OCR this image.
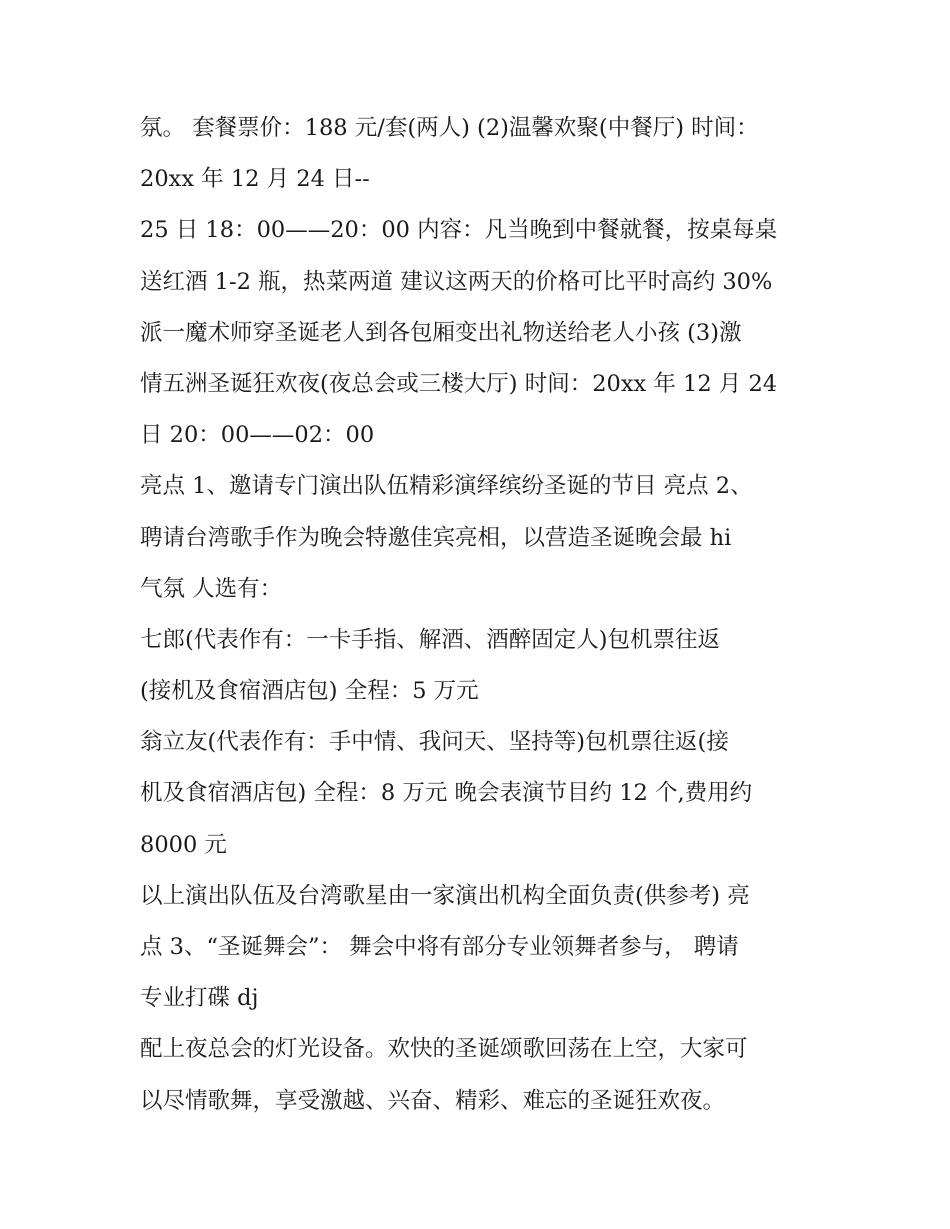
氛。 套餐票价：188 元/套(两人) (2)温馨欢聚(中餐厅) 时间：
20xx 年 12 月 24 日--
25 日 18：00——20：00 内容：凡当晚到中餐就餐，按桌每桌
送红酒 1-2 瓶，热菜两道 建议这两天的价格可比平时高约 30%
派一魔术师穿圣诞老人到各包厢变出礼物送给老人小孩 (3)激
情五洲圣诞狂欢夜(夜总会或三楼大厅) 时间：20xx 年 12 月 24
日 20：00——02：00
亮点 1、邀请专门演出队伍精彩演绎缤纷圣诞的节目 亮点 2、
聘请台湾歌手作为晚会特邀佳宾亮相，以营造圣诞晚会最 hi
气氛 人选有：
七郎(代表作有：一卡手指、解酒、酒醉固定人)包机票往返
(接机及食宿酒店包) 全程：5 万元
翁立友(代表作有：手中情、我问天、坚持等)包机票往返(接
机及食宿酒店包) 全程：8 万元 晚会表演节目约 12 个,费用约
8000 元
以上演出队伍及台湾歌星由一家演出机构全面负责(供参考) 亮
点 3、“圣诞舞会”： 舞会中将有部分专业领舞者参与， 聘请
专业打碟 dj
配上夜总会的灯光设备。欢快的圣诞颂歌回荡在上空，大家可
以尽情歌舞，享受激越、兴奋、精彩、难忘的圣诞狂欢夜。
